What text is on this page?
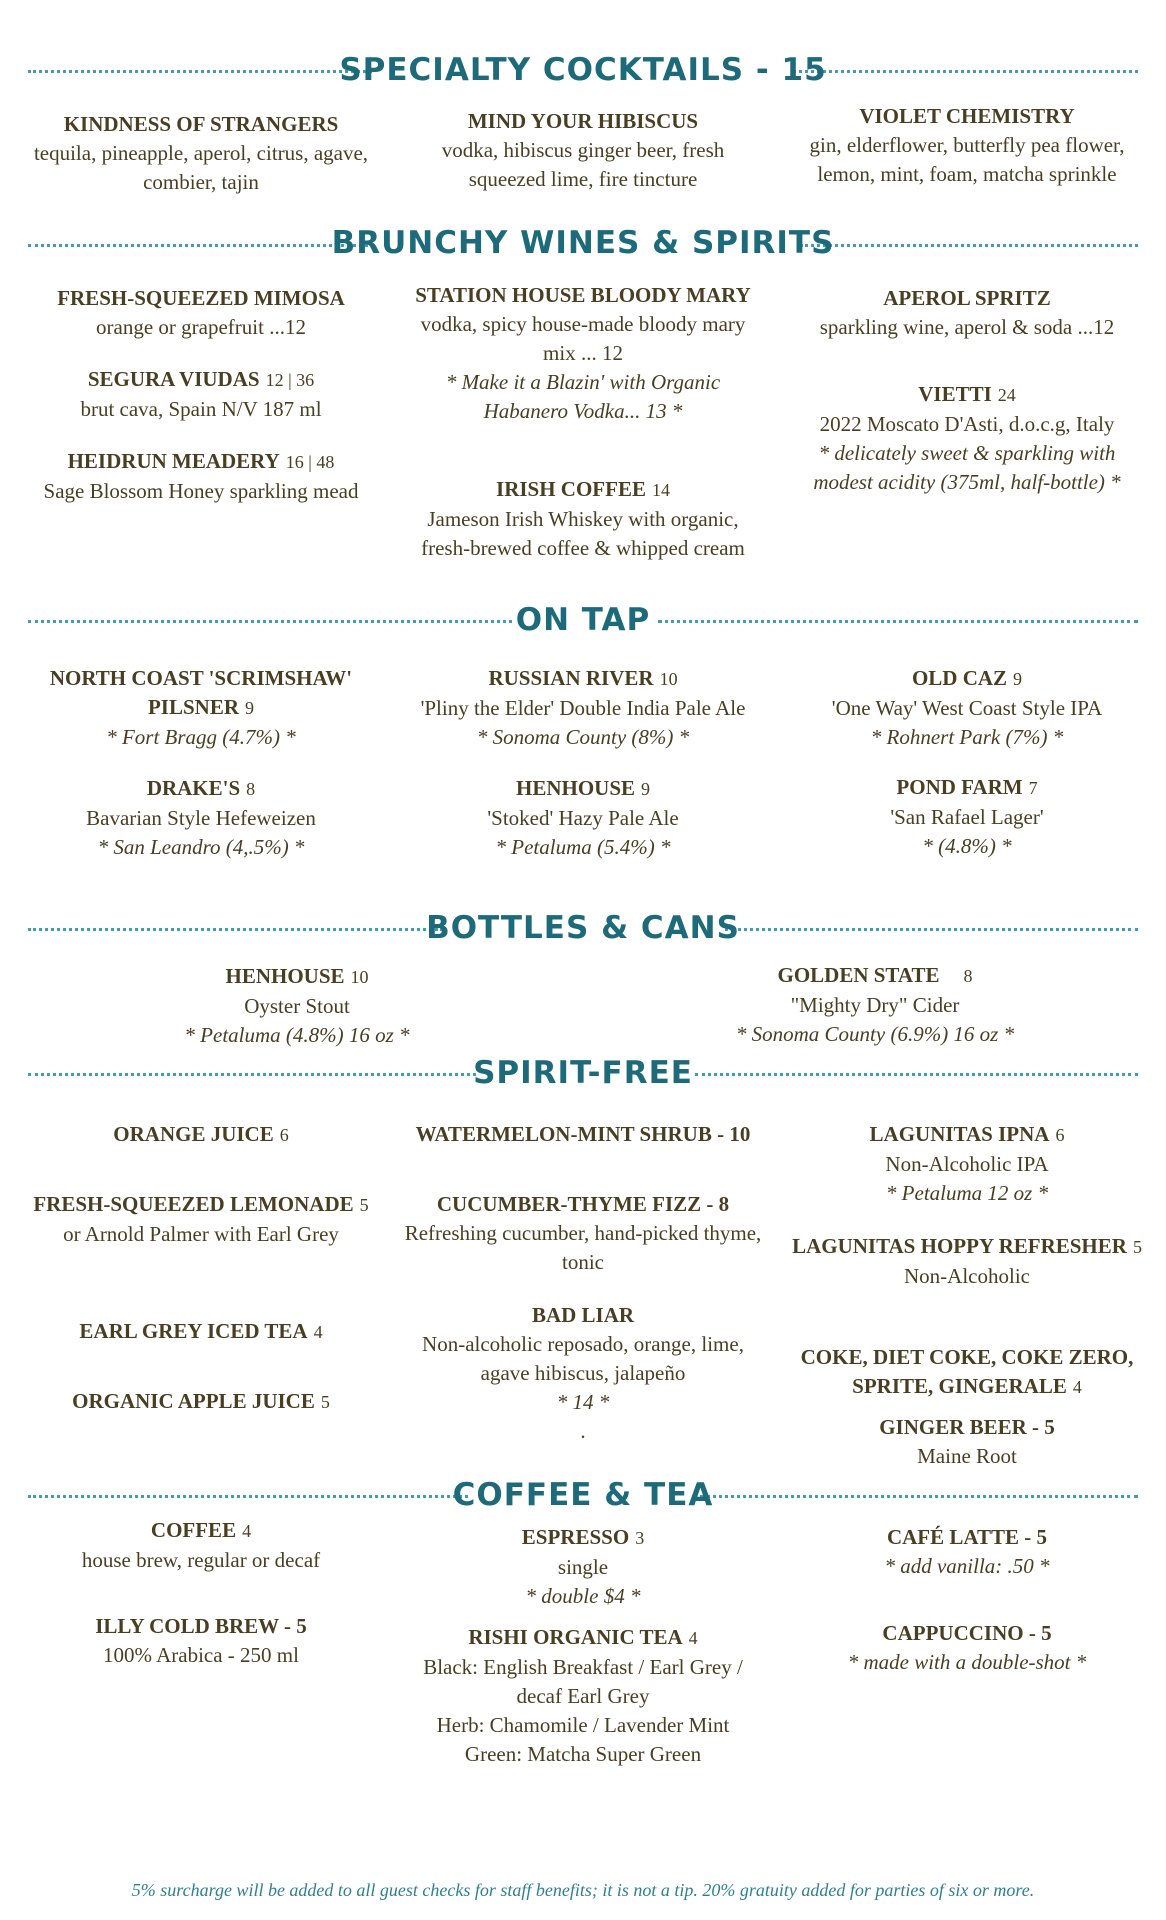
SPECIALTY COCKTAILS - 15
KINDNESS OF STRANGERS
tequila, pineapple, aperol, citrus, agave, combier, tajin
MIND YOUR HIBISCUS
vodka, hibiscus ginger beer, fresh squeezed lime, fire tincture
VIOLET CHEMISTRY
gin, elderflower, butterfly pea flower, lemon, mint, foam, matcha sprinkle
BRUNCHY WINES & SPIRITS
FRESH-SQUEEZED MIMOSA
orange or grapefruit ...12
SEGURA VIUDAS 12 | 36
brut cava, Spain N/V 187 ml
HEIDRUN MEADERY 16 | 48
Sage Blossom Honey sparkling mead
STATION HOUSE BLOODY MARY
vodka, spicy house-made bloody mary mix ... 12
* Make it a Blazin' with Organic Habanero Vodka... 13 *
IRISH COFFEE 14
Jameson Irish Whiskey with organic, fresh-brewed coffee & whipped cream
APEROL SPRITZ
sparkling wine, aperol & soda ...12
VIETTI 24
2022 Moscato D'Asti, d.o.c.g, Italy
* delicately sweet & sparkling with modest acidity (375ml, half-bottle) *
ON TAP
NORTH COAST 'SCRIMSHAW' PILSNER 9
* Fort Bragg (4.7%) *
DRAKE'S 8
Bavarian Style Hefeweizen
* San Leandro (4,.5%) *
RUSSIAN RIVER 10
'Pliny the Elder' Double India Pale Ale
* Sonoma County (8%) *
HENHOUSE 9
'Stoked' Hazy Pale Ale
* Petaluma (5.4%) *
OLD CAZ 9
'One Way' West Coast Style IPA
* Rohnert Park (7%) *
POND FARM 7
'San Rafael Lager'
* (4.8%) *
BOTTLES & CANS
HENHOUSE 10
Oyster Stout
* Petaluma (4.8%) 16 oz *
GOLDEN STATE 8
"Mighty Dry" Cider
* Sonoma County (6.9%) 16 oz *
SPIRIT-FREE
ORANGE JUICE 6
FRESH-SQUEEZED LEMONADE 5
or Arnold Palmer with Earl Grey
EARL GREY ICED TEA 4
ORGANIC APPLE JUICE 5
WATERMELON-MINT SHRUB - 10
CUCUMBER-THYME FIZZ - 8
Refreshing cucumber, hand-picked thyme, tonic
BAD LIAR
Non-alcoholic reposado, orange, lime, agave hibiscus, jalapeño
* 14 *
.
LAGUNITAS IPNA 6
Non-Alcoholic IPA
* Petaluma 12 oz *
LAGUNITAS HOPPY REFRESHER 5
Non-Alcoholic
COKE, DIET COKE, COKE ZERO, SPRITE, GINGERALE 4
GINGER BEER - 5
Maine Root
COFFEE & TEA
COFFEE 4
house brew, regular or decaf
ILLY COLD BREW - 5
100% Arabica - 250 ml
ESPRESSO 3
single
* double $4 *
RISHI ORGANIC TEA 4
Black: English Breakfast / Earl Grey / decaf Earl Grey
Herb: Chamomile / Lavender Mint
Green: Matcha Super Green
CAFÉ LATTE - 5
* add vanilla: .50 *
CAPPUCCINO - 5
* made with a double-shot *
5% surcharge will be added to all guest checks for staff benefits; it is not a tip. 20% gratuity added for parties of six or more.
